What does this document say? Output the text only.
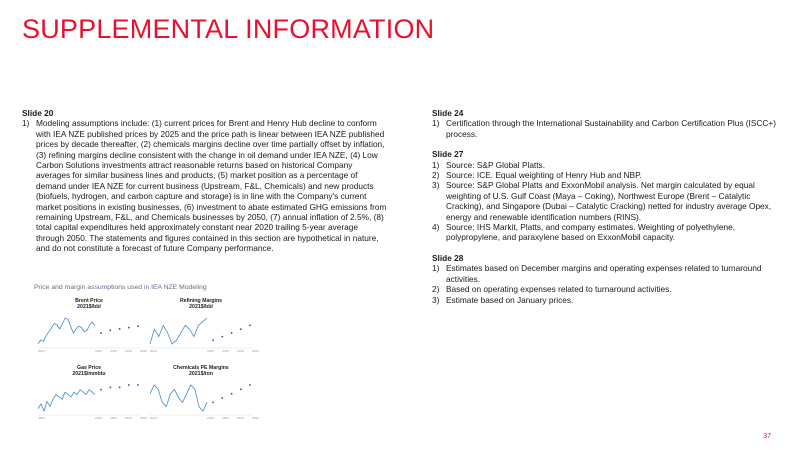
SUPPLEMENTAL INFORMATION

Slide 20

1) Modeling assumptions include: (1) current prices for Brent and Henry Hub decline to conform with IEA NZE published prices by 2025 and the price path is linear between IEA NZE published prices by decade thereafter, (2) chemicals margins decline over time partially offset by inflation, (3) refining margins decline consistent with the change in oil demand under IEA NZE, (4) Low Carbon Solutions investments attract reasonable returns based on historical Company averages for similar business lines and products, (5) market position as a percentage of demand under IEA NZE for current business (Upstream, F&L, Chemicals) and new products (biofuels, hydrogen, and carbon capture and storage) is in line with the Company's current market positions in existing businesses, (6) investment to abate estimated GHG emissions from remaining Upstream, F&L, and Chemicals businesses by 2050, (7) annual inflation of 2.5%, (8) total capital expenditures held approximately constant near 2020 trailing 5-year average through 2050. The statements and figures contained in this section are hypothetical in nature, and do not constitute a forecast of future Company performance.
Price and margin assumptions used in IEA NZE Modeling
Brent Price
2021$/bbl
2000	2020	2030	2040	2050
Refining Margins
2021$/bbl
2010	2020	2030	2040	2050
Gas Price
2021$/mmbtu
2000	2020	2030	2040	2050
Chemicals PE Margins
2021$/ton
2010	2020	2030	2040	2050

Slide 24

1) Certification through the International Sustainability and Carbon Certification Plus (ISCC+) process.

Slide 27

1) Source: S&P Global Platts.
2) Source: ICE. Equal weighting of Henry Hub and NBP.
3) Source: S&P Global Platts and ExxonMobil analysis. Net margin calculated by equal weighting of U.S. Gulf Coast (Maya – Coking), Northwest Europe (Brent – Catalytic Cracking), and Singapore (Dubai – Catalytic Cracking) netted for industry average Opex, energy and renewable identification numbers (RINS).
4) Source: IHS Markit, Platts, and company estimates. Weighting of polyethylene, polypropylene, and paraxylene based on ExxonMobil capacity.

Slide 28

1) Estimates based on December margins and operating expenses related to turnaround activities.
2) Based on operating expenses related to turnaround activities.
3) Estimate based on January prices.
37
